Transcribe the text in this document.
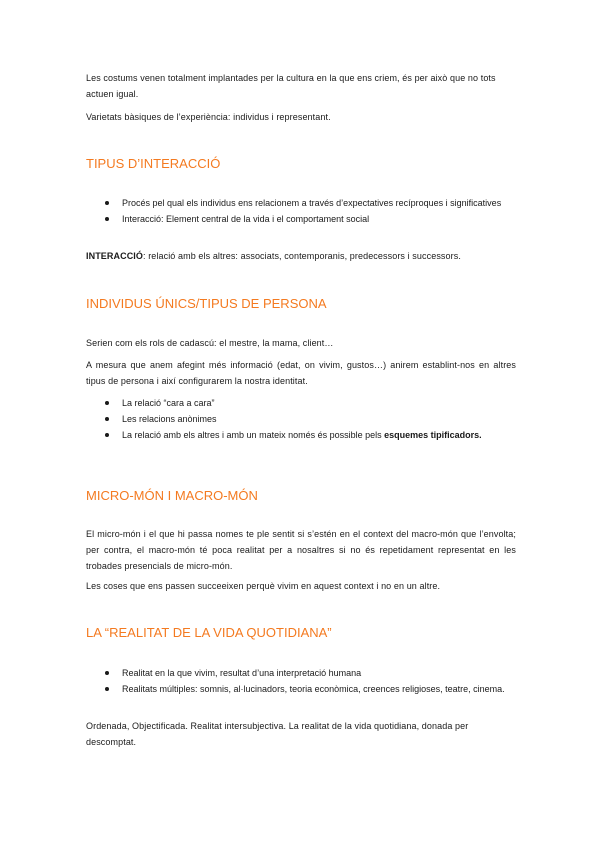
Les costums venen totalment implantades per la cultura en la que ens criem, és per això que no tots actuen igual.

Varietats bàsiques de l’experiència: individus i representant.

TIPUS D’INTERACCIÓ
Procés pel qual els individus ens relacionem a través d’expectatives recíproques i significatives
Interacció: Element central de la vida i el comportament social

INTERACCIÓ: relació amb els altres: associats, contemporanis, predecessors i successors.

INDIVIDUS ÚNICS/TIPUS DE PERSONA

Serien com els rols de cadascú: el mestre, la mama, client…

A mesura que anem afegint més informació (edat, on vivim, gustos…) anirem establint-nos en altres tipus de persona i així configurarem la nostra identitat.

La relació “cara a cara”
Les relacions anònimes
La relació amb els altres i amb un mateix només és possible pels esquemes tipificadors.
MICRO-MÓN I MACRO-MÓN

El micro-món i el que hi passa nomes te ple sentit si s’estén en el context del macro-món que l’envolta; per contra, el macro-món té poca realitat per a nosaltres si no és repetidament representat en les trobades presencials de micro-món.

Les coses que ens passen succeeixen perquè vivim en aquest context i no en un altre.

LA “REALITAT DE LA VIDA QUOTIDIANA”
Realitat en la que vivim, resultat d’una interpretació humana
Realitats múltiples: somnis, al·lucinadors, teoria econòmica, creences religioses, teatre, cinema.

Ordenada, Objectificada. Realitat intersubjectiva. La realitat de la vida quotidiana, donada per descomptat.
